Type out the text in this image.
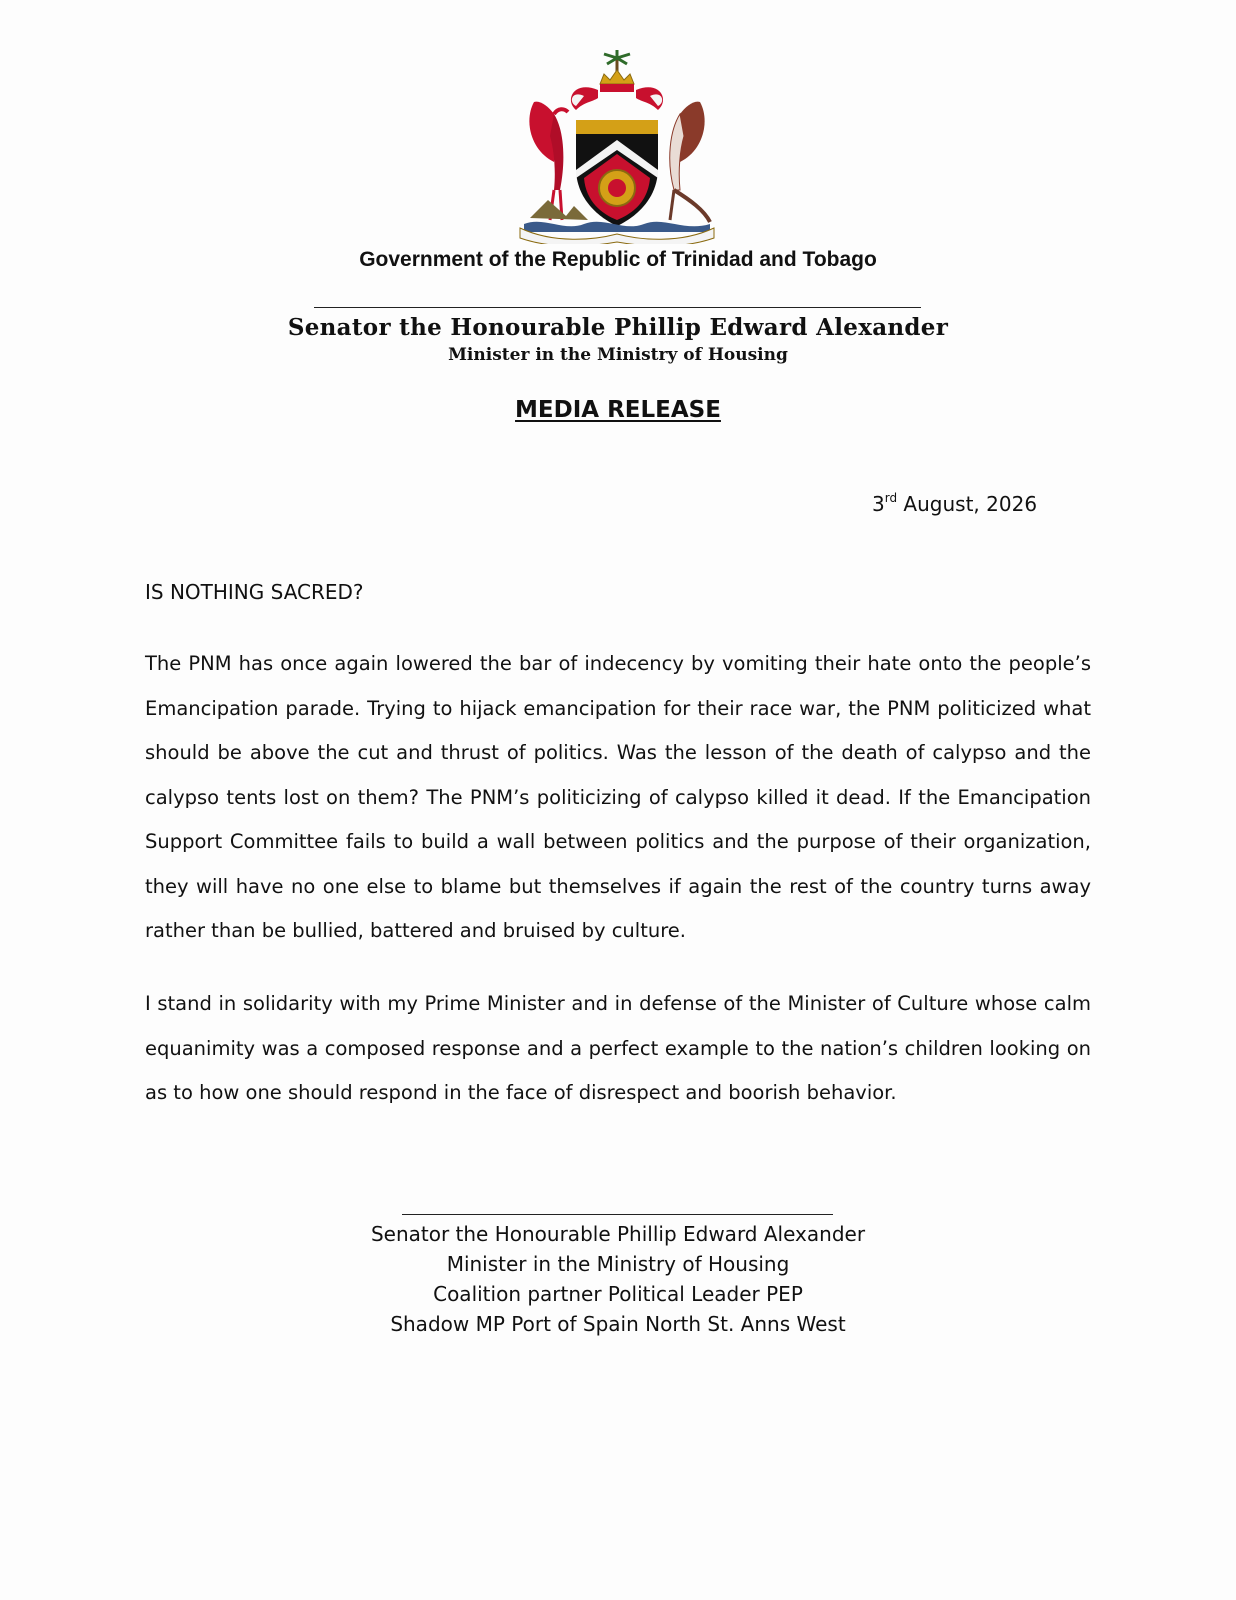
Government of the Republic of Trinidad and Tobago
Senator the Honourable Phillip Edward Alexander
Minister in the Ministry of Housing
MEDIA RELEASE
3rd August, 2026
IS NOTHING SACRED?

The PNM has once again lowered the bar of indecency by vomiting their hate onto the people’s Emancipation parade. Trying to hijack emancipation for their race war, the PNM politicized what should be above the cut and thrust of politics. Was the lesson of the death of calypso and the calypso tents lost on them? The PNM’s politicizing of calypso killed it dead. If the Emancipation Support Committee fails to build a wall between politics and the purpose of their organization, they will have no one else to blame but themselves if again the rest of the country turns away rather than be bullied, battered and bruised by culture.

I stand in solidarity with my Prime Minister and in defense of the Minister of Culture whose calm equanimity was a composed response and a perfect example to the nation’s children looking on as to how one should respond in the face of disrespect and boorish behavior.

Senator the Honourable Phillip Edward Alexander
Minister in the Ministry of Housing
Coalition partner Political Leader PEP
Shadow MP Port of Spain North St. Anns West
